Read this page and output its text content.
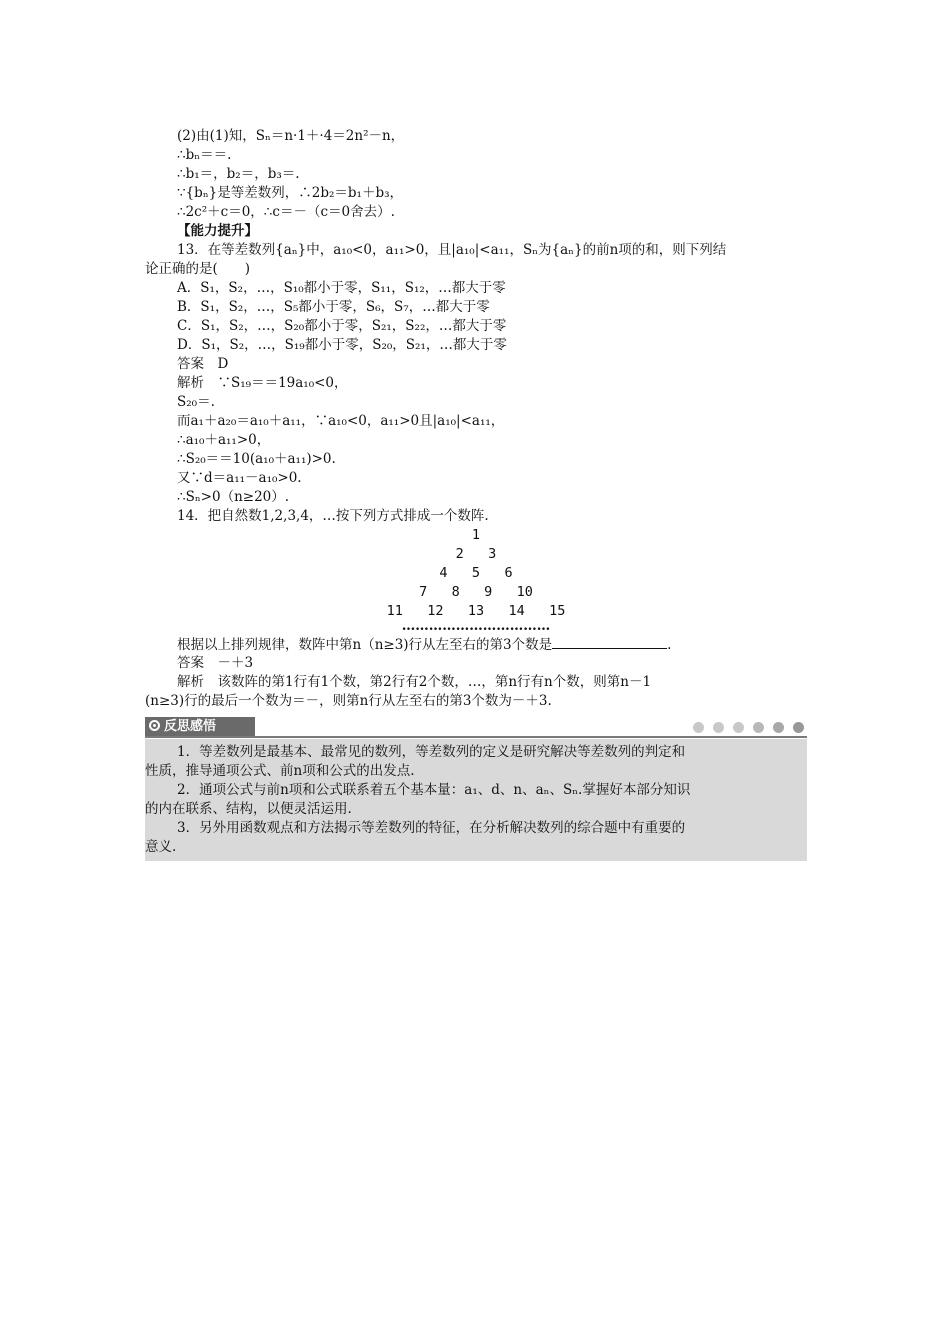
(2)由(1)知，Sₙ＝n·1＋·4＝2n²－n，
∴bₙ＝＝.
∴b₁＝，b₂＝，b₃＝.
∵{bₙ}是等差数列，∴2b₂＝b₁＋b₃，
∴2c²＋c＝0，∴c＝－（c＝0舍去）.
【能力提升】
13．在等差数列{aₙ}中，a₁₀<0，a₁₁>0，且|a₁₀|<a₁₁，Sₙ为{aₙ}的前n项的和，则下列结
论正确的是(　　)
A．S₁，S₂，…，S₁₀都小于零，S₁₁，S₁₂，…都大于零
B．S₁，S₂，…，S₅都小于零，S₆，S₇，…都大于零
C．S₁，S₂，…，S₂₀都小于零，S₂₁，S₂₂，…都大于零
D．S₁，S₂，…，S₁₉都小于零，S₂₀，S₂₁，…都大于零
答案　D
解析　∵S₁₉＝＝19a₁₀<0，
S₂₀＝.
而a₁＋a₂₀＝a₁₀＋a₁₁，∵a₁₀<0，a₁₁>0且|a₁₀|<a₁₁，
∴a₁₀＋a₁₁>0，
∴S₂₀＝＝10(a₁₀＋a₁₁)>0.
又∵d＝a₁₁－a₁₀>0.
∴Sₙ>0（n≥20）.
14．把自然数1,2,3,4，…按下列方式排成一个数阵.
1
2   3
4   5   6
7   8   9   10
11   12   13   14   15
……………………………
根据以上排列规律，数阵中第n（n≥3)行从左至右的第3个数是	.
答案　－＋3
解析　该数阵的第1行有1个数，第2行有2个数，…，第n行有n个数，则第n－1
(n≥3)行的最后一个数为＝－，则第n行从左至右的第3个数为－＋3.
反思感悟
1．等差数列是最基本、最常见的数列，等差数列的定义是研究解决等差数列的判定和
性质，推导通项公式、前n项和公式的出发点.
2．通项公式与前n项和公式联系着五个基本量：a₁、d、n、aₙ、Sₙ.掌握好本部分知识
的内在联系、结构，以便灵活运用.
3．另外用函数观点和方法揭示等差数列的特征，在分析解决数列的综合题中有重要的
意义.
